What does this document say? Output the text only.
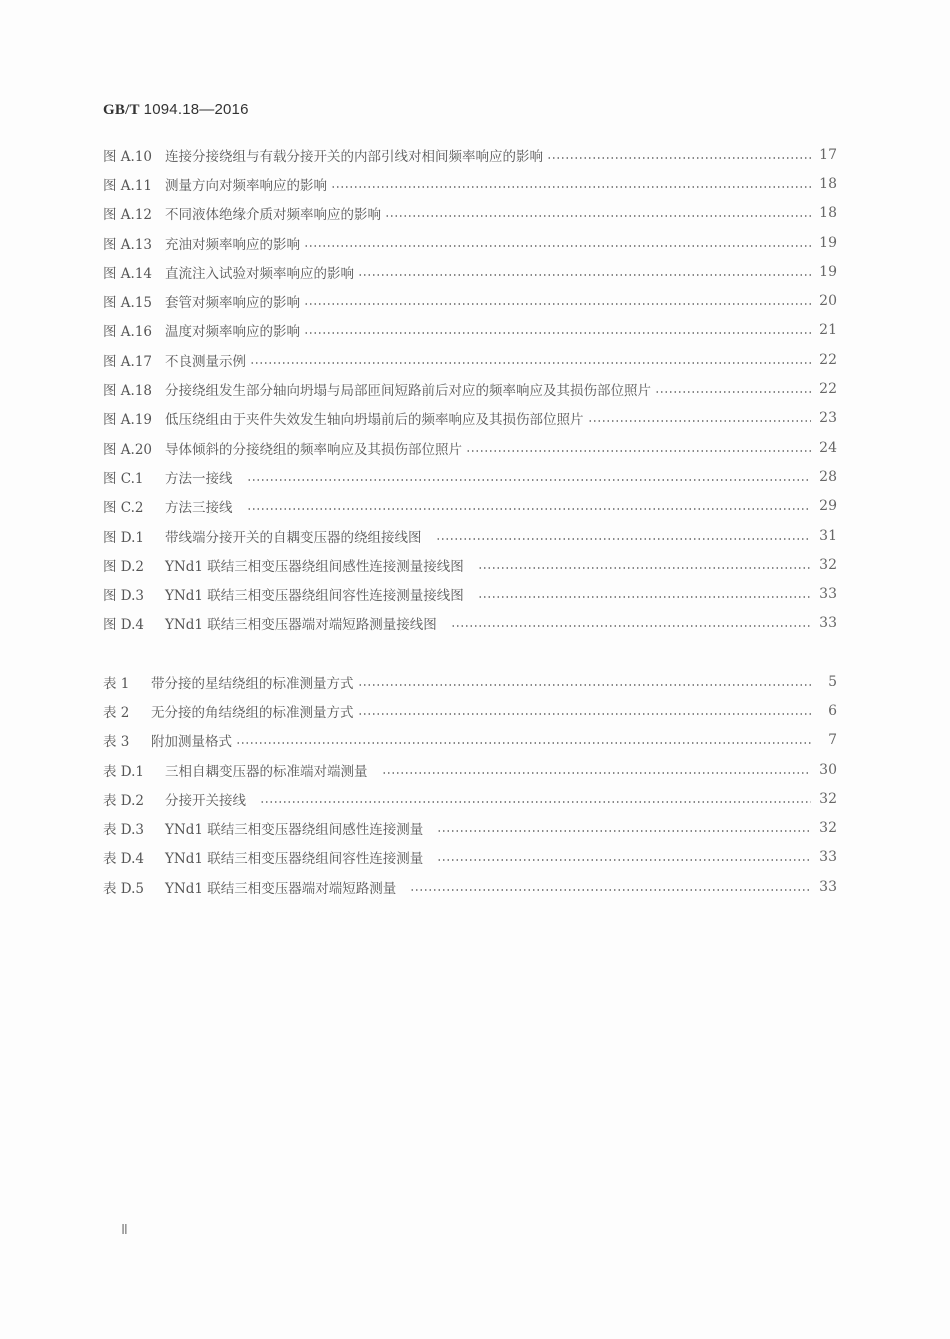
GB/T 1094.18—2016
图 A.10 连接分接绕组与有载分接开关的内部引线对相间频率响应的影响	17
图 A.11 测量方向对频率响应的影响	18
图 A.12 不同液体绝缘介质对频率响应的影响	18
图 A.13 充油对频率响应的影响	19
图 A.14 直流注入试验对频率响应的影响	19
图 A.15 套管对频率响应的影响	20
图 A.16 温度对频率响应的影响	21
图 A.17 不良测量示例	22
图 A.18 分接绕组发生部分轴向坍塌与局部匝间短路前后对应的频率响应及其损伤部位照片	22
图 A.19 低压绕组由于夹件失效发生轴向坍塌前后的频率响应及其损伤部位照片	23
图 A.20 导体倾斜的分接绕组的频率响应及其损伤部位照片	24
图 C.1	方法一接线	28
图 C.2	方法三接线	29
图 D.1	带线端分接开关的自耦变压器的绕组接线图	31
图 D.2	YNd1 联结三相变压器绕组间感性连接测量接线图	32
图 D.3	YNd1 联结三相变压器绕组间容性连接测量接线图	33
图 D.4	YNd1 联结三相变压器端对端短路测量接线图	33
表 1	带分接的星结绕组的标准测量方式	5
表 2	无分接的角结绕组的标准测量方式	6
表 3	附加测量格式	7
表 D.1	三相自耦变压器的标准端对端测量	30
表 D.2	分接开关接线	32
表 D.3	YNd1 联结三相变压器绕组间感性连接测量	32
表 D.4	YNd1 联结三相变压器绕组间容性连接测量	33
表 D.5	YNd1 联结三相变压器端对端短路测量	33
Ⅱ
